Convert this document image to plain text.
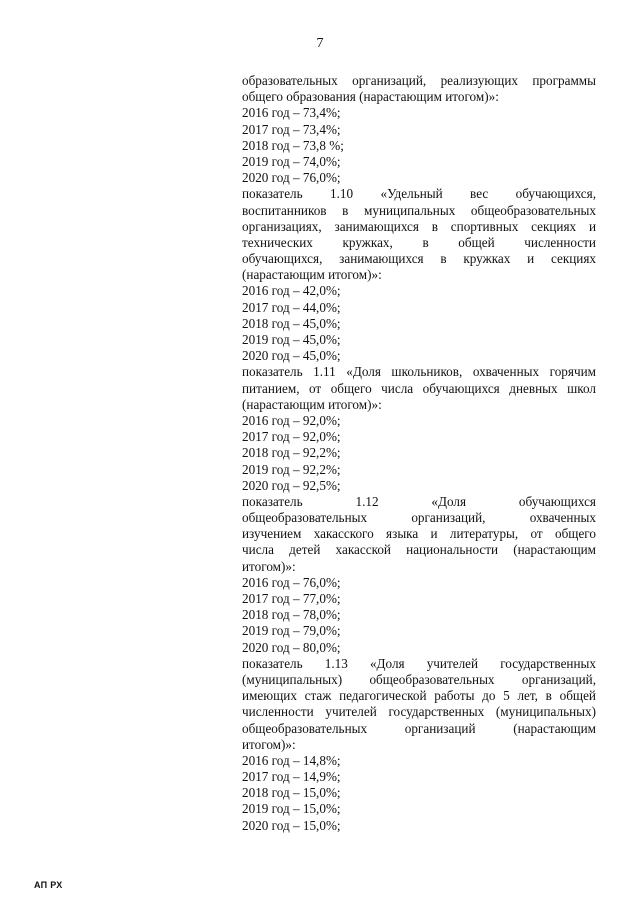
7
образовательных организаций, реализующих программы
общего образования (нарастающим итогом)»:
2016 год – 73,4%;
2017 год – 73,4%;
2018 год – 73,8 %;
2019 год – 74,0%;
2020 год – 76,0%;
показатель 1.10 «Удельный вес обучающихся,
воспитанников в муниципальных общеобразовательных
организациях, занимающихся в спортивных секциях и
технических кружках, в общей численности
обучающихся, занимающихся в кружках и секциях
(нарастающим итогом)»:
2016 год – 42,0%;
2017 год – 44,0%;
2018 год – 45,0%;
2019 год – 45,0%;
2020 год – 45,0%;
показатель 1.11 «Доля школьников, охваченных горячим
питанием, от общего числа обучающихся дневных школ
(нарастающим итогом)»:
2016 год – 92,0%;
2017 год – 92,0%;
2018 год – 92,2%;
2019 год – 92,2%;
2020 год – 92,5%;
показатель 1.12 «Доля обучающихся
общеобразовательных организаций, охваченных
изучением хакасского языка и литературы, от общего
числа детей хакасской национальности (нарастающим
итогом)»:
2016 год – 76,0%;
2017 год – 77,0%;
2018 год – 78,0%;
2019 год – 79,0%;
2020 год – 80,0%;
показатель 1.13 «Доля учителей государственных
(муниципальных) общеобразовательных организаций,
имеющих стаж педагогической работы до 5 лет, в общей
численности учителей государственных (муниципальных)
общеобразовательных организаций (нарастающим
итогом)»:
2016 год – 14,8%;
2017 год – 14,9%;
2018 год – 15,0%;
2019 год – 15,0%;
2020 год – 15,0%;
АП РХ
